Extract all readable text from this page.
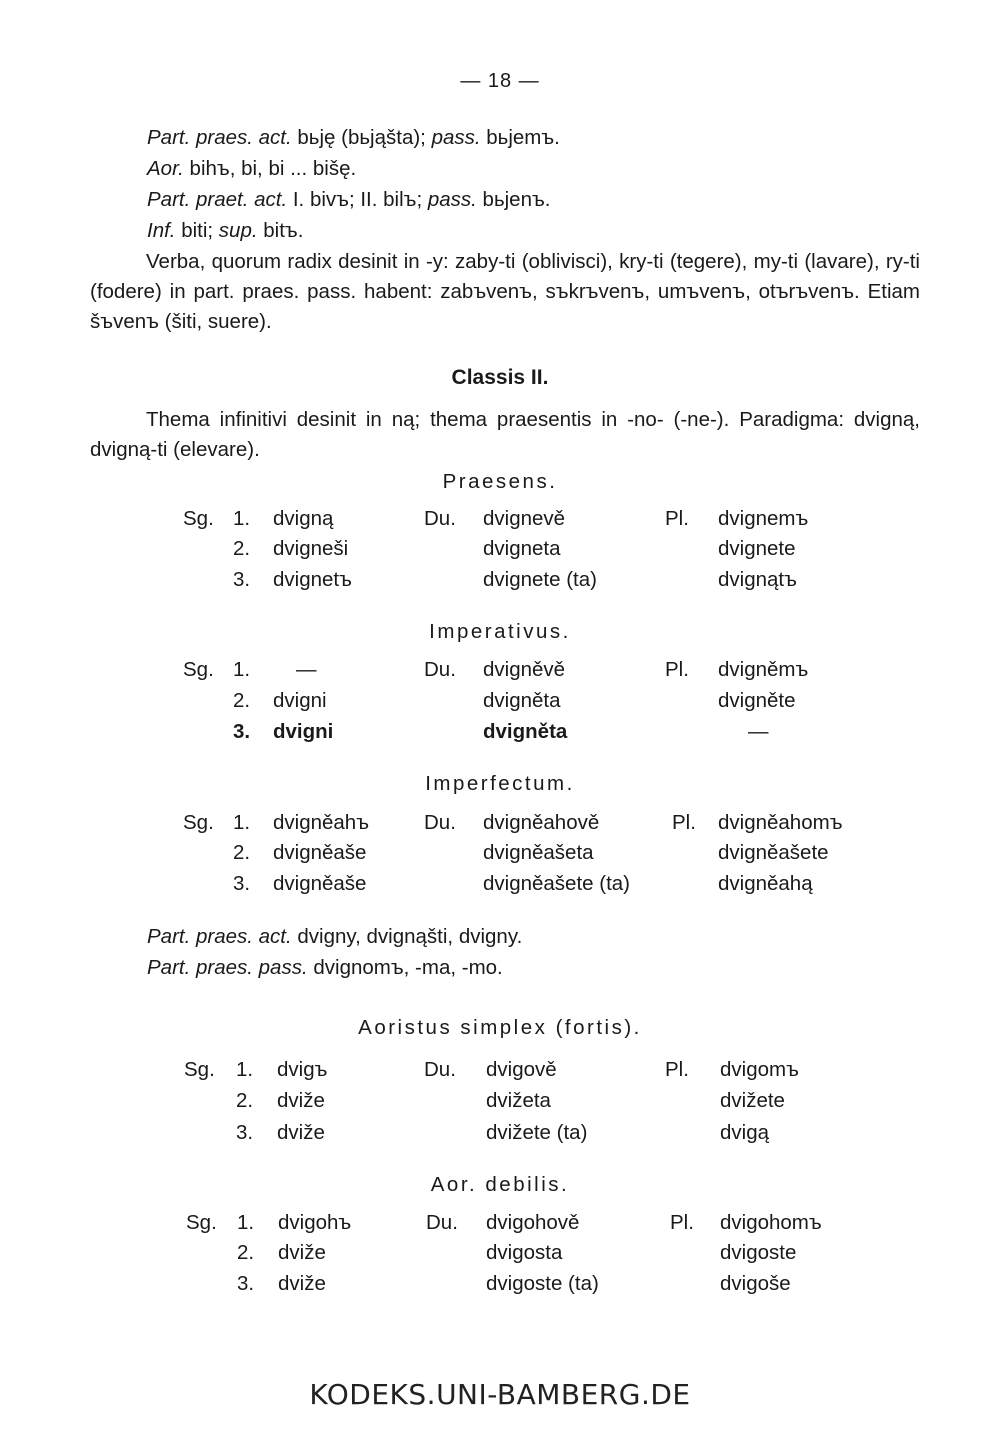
— 18 —
Part. praes. act. bьję (bьjąšta); pass. bьjemъ.
Aor. bihъ, bi, bi ... bišę.
Part. praet. act. I. bivъ; II. bilъ; pass. bьjenъ.
Inf. biti; sup. bitъ.
Verba, quorum radix desinit in -y: zaby-ti (oblivisci), kry-ti (tegere), my-ti (lavare), ry-ti (fodere) in part. praes. pass. habent: zabъvenъ, sъkrъvenъ, umъvenъ, otъrъvenъ. Etiam šъvenъ (šiti, suere).
Classis II.
Thema infinitivi desinit in ną; thema praesentis in -no- (-ne-). Paradigma: dvigną, dvigną-ti (elevare).
Praesens.
Sg. 1. dvigną	Du. dvignevě	Pl. dvignemъ
2. dvigneši	dvigneta	dvignete
3. dvignetъ	dvignete (ta)	dvignątъ
Imperativus.
Sg. 1. —	Du. dvigněvě	Pl. dvigněmъ
2. dvigni	dvigněta	dvigněte
3. dvigni	dvigněta	—
Imperfectum.
Sg. 1. dvigněahъ	Du. dvigněahově	Pl. dvigněahomъ
2. dvigněaše	dvigněašeta	dvigněašete
3. dvigněaše	dvigněašete (ta)	dvigněahą
Part. praes. act. dvigny, dvignąšti, dvigny.
Part. praes. pass. dvignomъ, -ma, -mo.
Aoristus simplex (fortis).
Sg. 1. dvigъ	Du. dvigově	Pl. dvigomъ
2. dviže	dvižeta	dvižete
3. dviže	dvižete (ta)	dvigą
Aor. debilis.
Sg. 1. dvigohъ	Du. dvigohově	Pl. dvigohomъ
2. dviže	dvigosta	dvigoste
3. dviže	dvigoste (ta)	dvigoše
KODEKS.UNI-BAMBERG.DE
